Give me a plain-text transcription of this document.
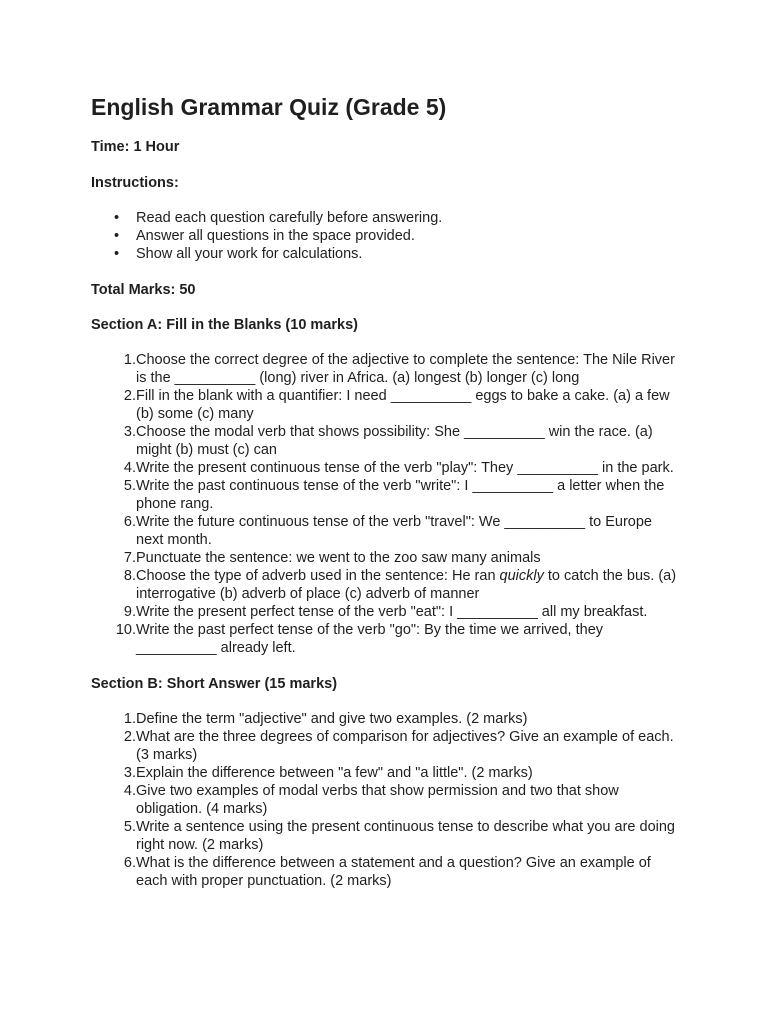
English Grammar Quiz (Grade 5)

Time: 1 Hour

Instructions:

• Read each question carefully before answering.
• Answer all questions in the space provided.
• Show all your work for calculations.

Total Marks: 50

Section A: Fill in the Blanks (10 marks)

1. Choose the correct degree of the adjective to complete the sentence: The Nile River is the __________ (long) river in Africa. (a) longest (b) longer (c) long
2. Fill in the blank with a quantifier: I need __________ eggs to bake a cake. (a) a few (b) some (c) many
3. Choose the modal verb that shows possibility: She __________ win the race. (a) might (b) must (c) can
4. Write the present continuous tense of the verb "play": They __________ in the park.
5. Write the past continuous tense of the verb "write": I __________ a letter when the phone rang.
6. Write the future continuous tense of the verb "travel": We __________ to Europe next month.
7. Punctuate the sentence: we went to the zoo saw many animals
8. Choose the type of adverb used in the sentence: He ran quickly to catch the bus. (a) interrogative (b) adverb of place (c) adverb of manner
9. Write the present perfect tense of the verb "eat": I __________ all my breakfast.
10. Write the past perfect tense of the verb "go": By the time we arrived, they __________ already left.

Section B: Short Answer (15 marks)

1. Define the term "adjective" and give two examples. (2 marks)
2. What are the three degrees of comparison for adjectives? Give an example of each. (3 marks)
3. Explain the difference between "a few" and "a little". (2 marks)
4. Give two examples of modal verbs that show permission and two that show obligation. (4 marks)
5. Write a sentence using the present continuous tense to describe what you are doing right now. (2 marks)
6. What is the difference between a statement and a question? Give an example of each with proper punctuation. (2 marks)
